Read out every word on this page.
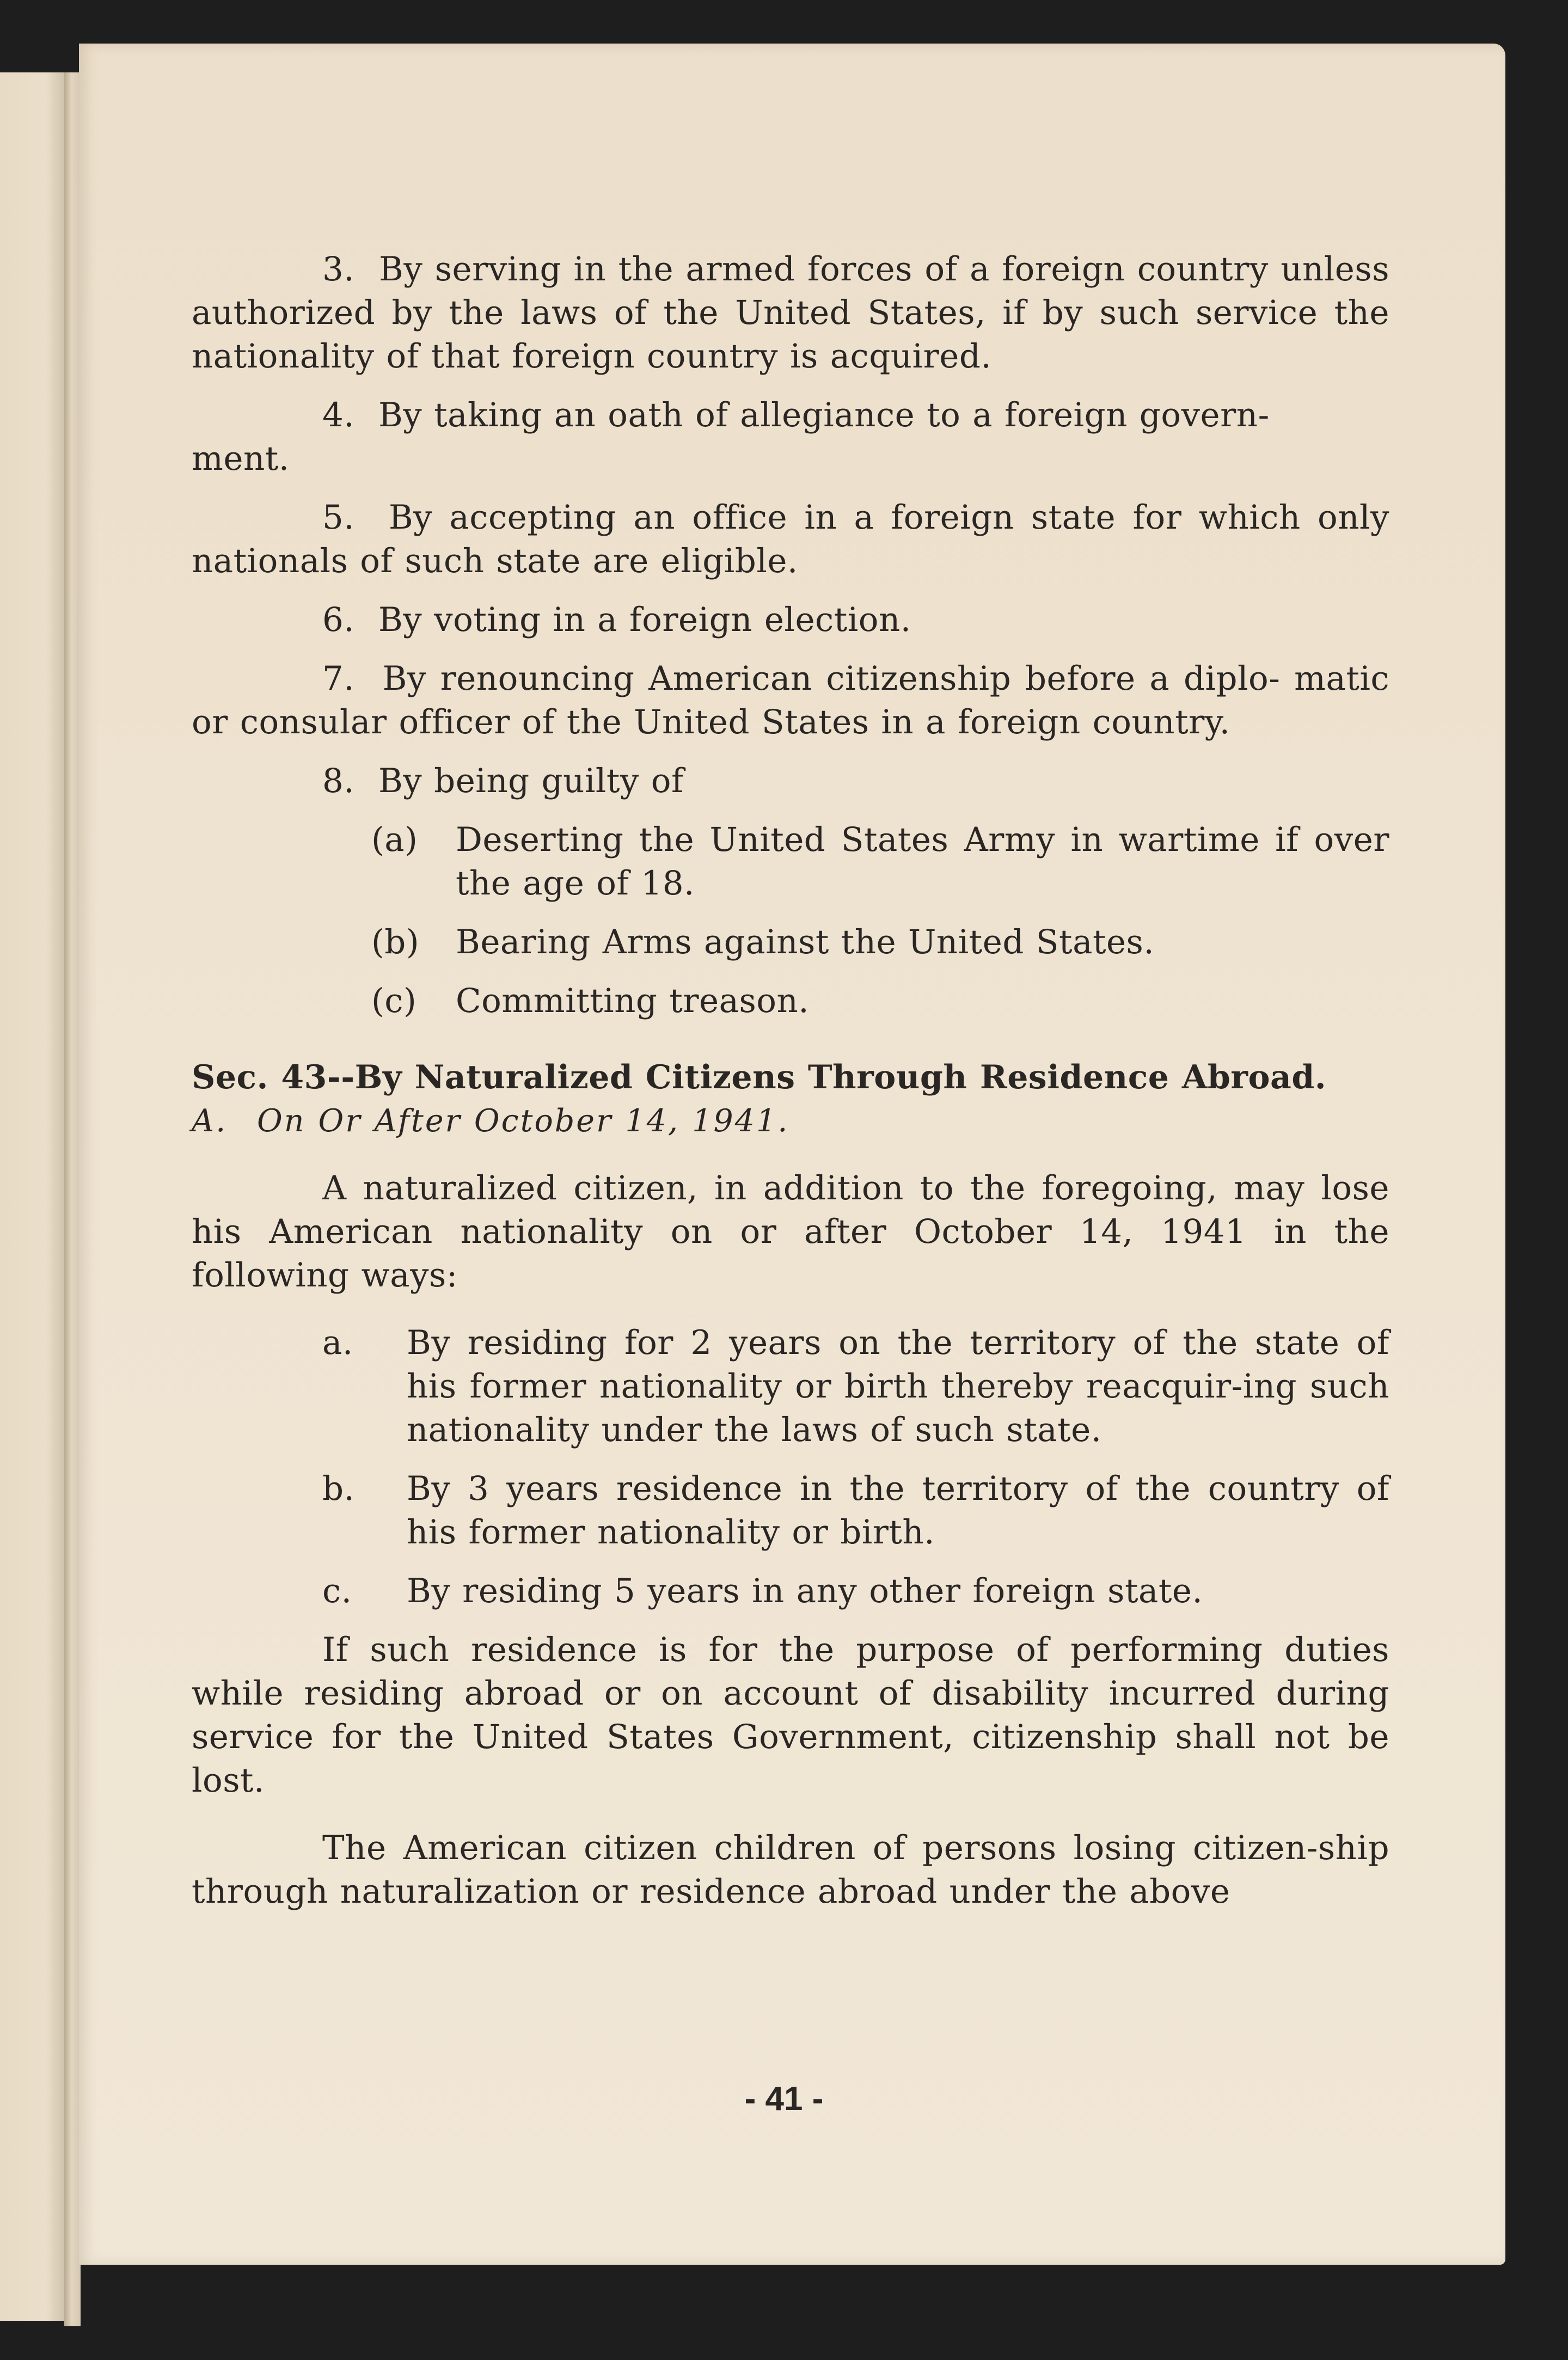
3. By serving in the armed forces of a foreign country unless authorized by the laws of the United States, if by such service the nationality of that foreign country is acquired.

4. By taking an oath of allegiance to a foreign govern-
ment.

5. By accepting an office in a foreign state for which only nationals of such state are eligible.

6. By voting in a foreign election.

7. By renouncing American citizenship before a diplo- matic or consular officer of the United States in a foreign country.

8. By being guilty of

(a)	Deserting the United States Army in wartime if over the age of 18.
(b)	Bearing Arms against the United States.
(c)	Committing treason.

Sec. 43--By Naturalized Citizens Through Residence Abroad.

A. On Or After October 14, 1941.

A naturalized citizen, in addition to the foregoing, may lose his American nationality on or after October 14, 1941 in the following ways:

a.	By residing for 2 years on the territory of the state of his former nationality or birth thereby reacquir-ing such nationality under the laws of such state.
b.	By 3 years residence in the territory of the country of his former nationality or birth.
c.	By residing 5 years in any other foreign state.

If such residence is for the purpose of performing duties while residing abroad or on account of disability incurred during service for the United States Government, citizenship shall not be lost.

The American citizen children of persons losing citizen-ship through naturalization or residence abroad under the above

- 41 -
